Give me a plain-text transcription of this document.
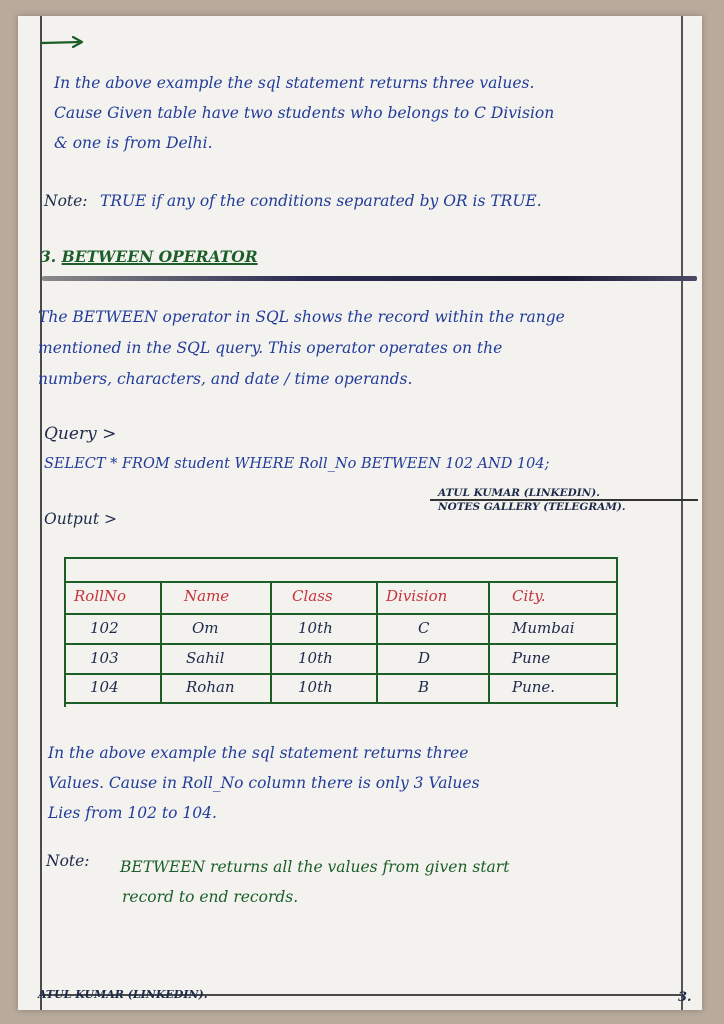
In the above example the sql statement returns three values.
Cause Given table have two students who belongs to C Division
& one is from Delhi.
Note: TRUE if any of the conditions separated by OR is TRUE.
3. BETWEEN OPERATOR
The BETWEEN operator in SQL shows the record within the range
mentioned in the SQL query. This operator operates on the
numbers, characters, and date / time operands.
Query >
SELECT * FROM student WHERE Roll_No BETWEEN 102 AND 104;
ATUL KUMAR (LINKEDIN).
NOTES GALLERY (TELEGRAM).
Output >
RollNo	Name	Class	Division	City.
102	Om	10th	C	Mumbai
103	Sahil	10th	D	Pune
104	Rohan	10th	B	Pune.
In the above example the sql statement returns three
Values. Cause in Roll_No column there is only 3 Values
Lies from 102 to 104.
Note: BETWEEN returns all the values from given start
record to end records.
ATUL KUMAR (LINKEDIN).	3.
